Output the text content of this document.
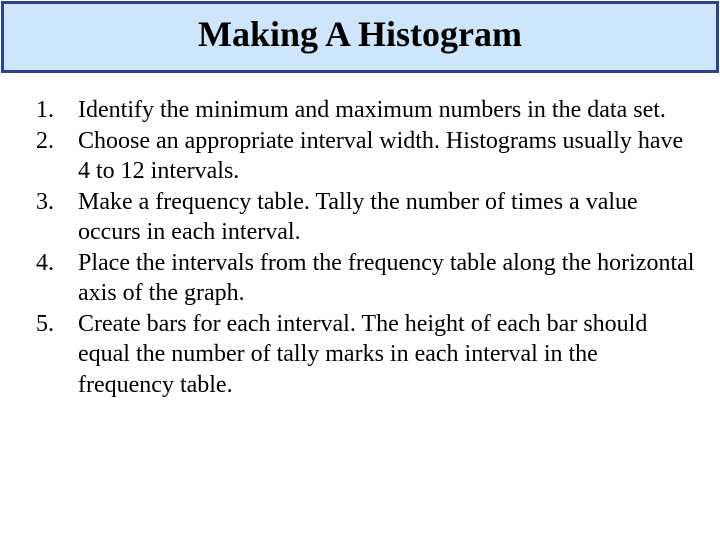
Making A Histogram
1.	Identify the minimum and maximum numbers in the data set.
2.	Choose an appropriate interval width. Histograms usually have 4 to 12 intervals.
3.	Make a frequency table. Tally the number of times a value occurs in each interval.
4.	Place the intervals from the frequency table along the horizontal axis of the graph.
5.	Create bars for each interval. The height of each bar should equal the number of tally marks in each interval in the frequency table.
